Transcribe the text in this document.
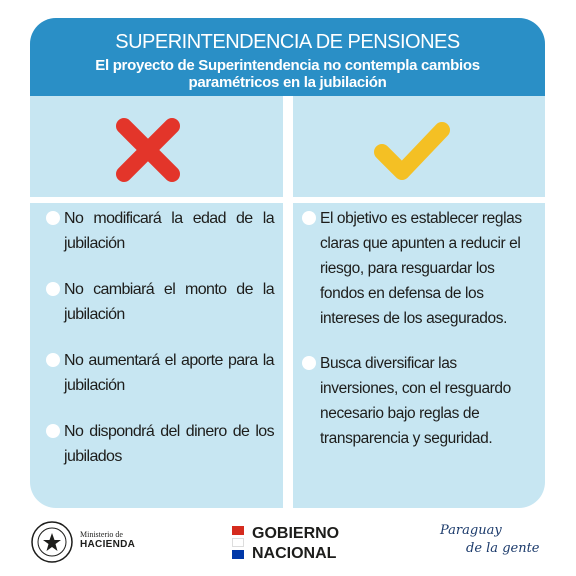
SUPERINTENDENCIA DE PENSIONES
El proyecto de Superintendencia no contempla cambios paramétricos en la jubilación
No modificará la edad de la jubilación
No cambiará el monto de la jubilación
No aumentará el aporte para la jubilación
No dispondrá del dinero de los jubilados
El objetivo es establecer reglas claras que apunten a reducir el riesgo, para resguardar los fondos en defensa de los intereses de los asegurados.
Busca diversificar las inversiones, con el resguardo necesario bajo reglas de transparencia y seguridad.
Ministerio de
HACIENDA
GOBIERNO
NACIONAL
Paraguay
de la gente
